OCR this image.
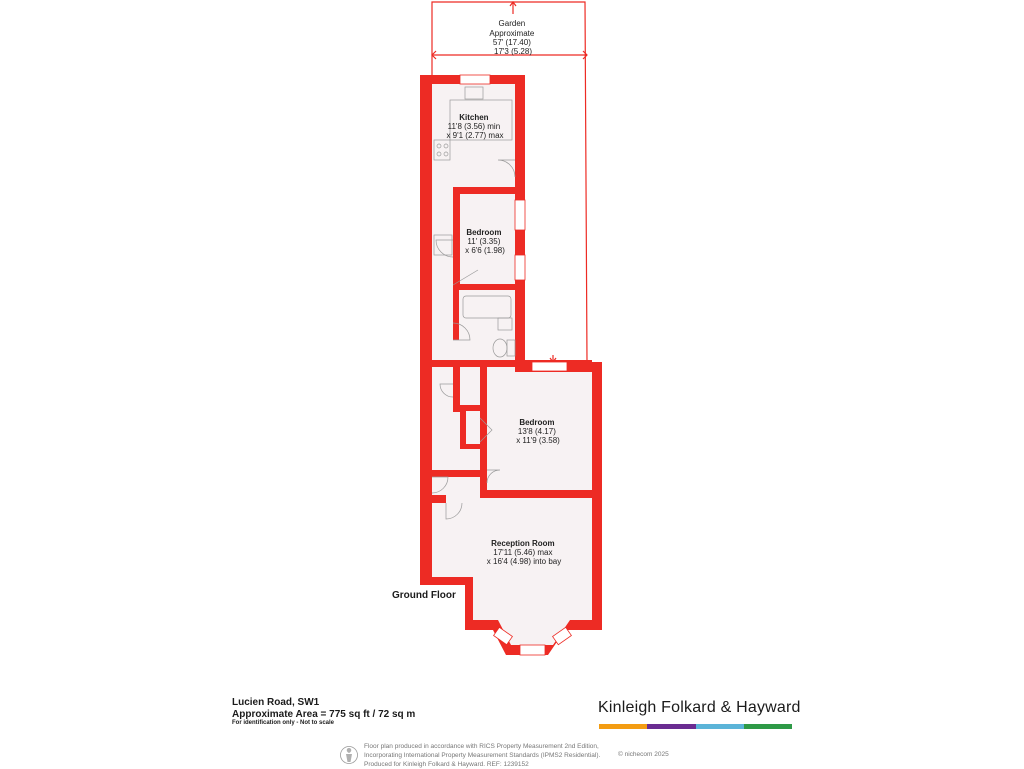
Garden Approximate 57' (17.40) 17'3 (5.28)
Kitchen 11'8 (3.56) min x 9'1 (2.77) max
Bedroom 11' (3.35) x 6'6 (1.98)
Bedroom 13'8 (4.17) x 11'9 (3.58)
Reception Room 17'11 (5.46) max x 16'4 (4.98) into bay
Ground Floor
Lucien Road, SW1
Approximate Area = 775 sq ft / 72 sq m
For identification only - Not to scale
Kinleigh Folkard & Hayward
Floor plan produced in accordance with RICS Property Measurement 2nd Edition,
Incorporating International Property Measurement Standards (IPMS2 Residential).
Produced for Kinleigh Folkard & Hayward. REF: 1239152
© nichecom 2025
